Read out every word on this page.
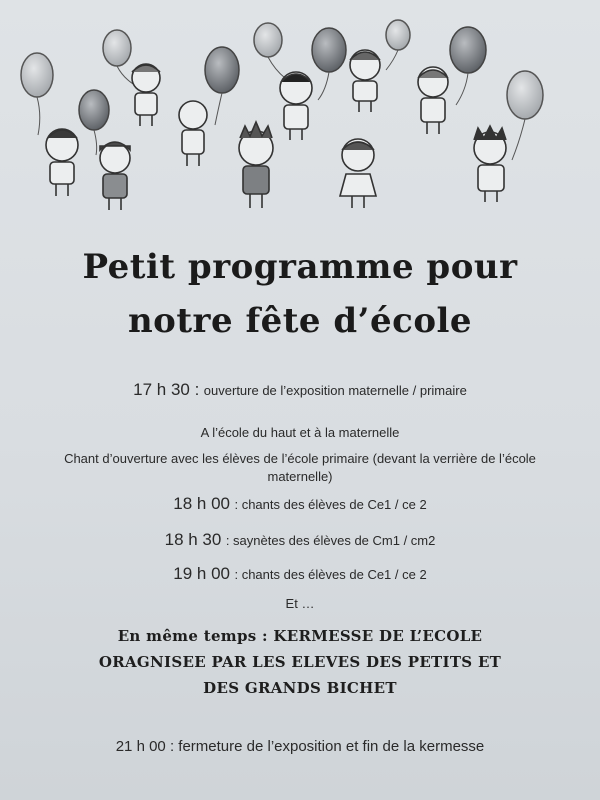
Petit programme pour
notre fête d’école
17 h 30 : ouverture de l’exposition maternelle / primaire
A l’école du haut et à la maternelle
Chant d’ouverture avec les élèves de l’école primaire (devant la verrière de l’école
maternelle)
18 h 00 : chants des élèves de Ce1 / ce 2
18 h 30 : saynètes des élèves de Cm1 / cm2
19 h 00 : chants des élèves de Ce1 / ce 2
Et …
En même temps : KERMESSE DE L’ECOLE
ORAGNISEE PAR LES ELEVES DES PETITS ET
DES GRANDS BICHET
21 h 00 : fermeture de l’exposition et fin de la kermesse
